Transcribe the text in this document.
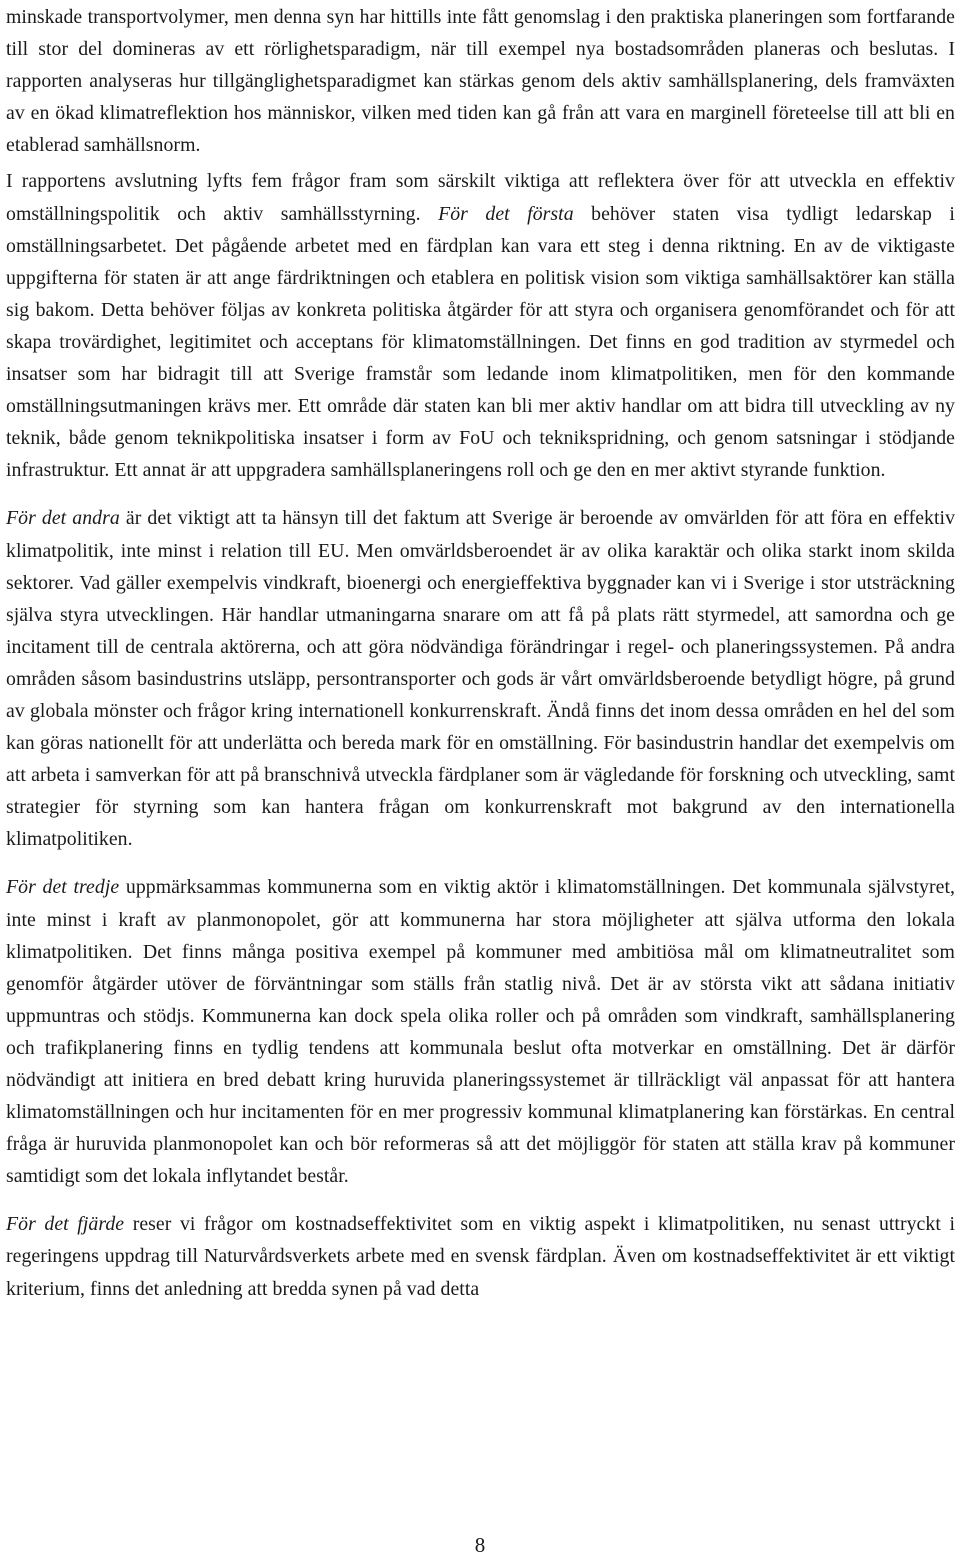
minskade transportvolymer, men denna syn har hittills inte fått genomslag i den praktiska planeringen som fortfarande till stor del domineras av ett rörlighetsparadigm, när till exempel nya bostadsområden planeras och beslutas. I rapporten analyseras hur tillgänglighetsparadigmet kan stärkas genom dels aktiv samhällsplanering, dels framväxten av en ökad klimatreflektion hos människor, vilken med tiden kan gå från att vara en marginell företeelse till att bli en etablerad samhällsnorm.

I rapportens avslutning lyfts fem frågor fram som särskilt viktiga att reflektera över för att utveckla en effektiv omställningspolitik och aktiv samhällsstyrning. För det första behöver staten visa tydligt ledarskap i omställningsarbetet. Det pågående arbetet med en färdplan kan vara ett steg i denna riktning. En av de viktigaste uppgifterna för staten är att ange färdriktningen och etablera en politisk vision som viktiga samhällsaktörer kan ställa sig bakom. Detta behöver följas av konkreta politiska åtgärder för att styra och organisera genomförandet och för att skapa trovärdighet, legitimitet och acceptans för klimatomställningen. Det finns en god tradition av styrmedel och insatser som har bidragit till att Sverige framstår som ledande inom klimatpolitiken, men för den kommande omställningsutmaningen krävs mer. Ett område där staten kan bli mer aktiv handlar om att bidra till utveckling av ny teknik, både genom teknikpolitiska insatser i form av FoU och teknikspridning, och genom satsningar i stödjande infrastruktur. Ett annat är att uppgradera samhällsplaneringens roll och ge den en mer aktivt styrande funktion.

För det andra är det viktigt att ta hänsyn till det faktum att Sverige är beroende av omvärlden för att föra en effektiv klimatpolitik, inte minst i relation till EU. Men omvärldsberoendet är av olika karaktär och olika starkt inom skilda sektorer. Vad gäller exempelvis vindkraft, bioenergi och energieffektiva byggnader kan vi i Sverige i stor utsträckning själva styra utvecklingen. Här handlar utmaningarna snarare om att få på plats rätt styrmedel, att samordna och ge incitament till de centrala aktörerna, och att göra nödvändiga förändringar i regel- och planeringssystemen. På andra områden såsom basindustrins utsläpp, persontransporter och gods är vårt omvärldsberoende betydligt högre, på grund av globala mönster och frågor kring internationell konkurrenskraft. Ändå finns det inom dessa områden en hel del som kan göras nationellt för att underlätta och bereda mark för en omställning. För basindustrin handlar det exempelvis om att arbeta i samverkan för att på branschnivå utveckla färdplaner som är vägledande för forskning och utveckling, samt strategier för styrning som kan hantera frågan om konkurrenskraft mot bakgrund av den internationella klimatpolitiken.

För det tredje uppmärksammas kommunerna som en viktig aktör i klimatomställningen. Det kommunala självstyret, inte minst i kraft av planmonopolet, gör att kommunerna har stora möjligheter att själva utforma den lokala klimatpolitiken. Det finns många positiva exempel på kommuner med ambitiösa mål om klimatneutralitet som genomför åtgärder utöver de förväntningar som ställs från statlig nivå. Det är av största vikt att sådana initiativ uppmuntras och stödjs. Kommunerna kan dock spela olika roller och på områden som vindkraft, samhällsplanering och trafikplanering finns en tydlig tendens att kommunala beslut ofta motverkar en omställning. Det är därför nödvändigt att initiera en bred debatt kring huruvida planeringssystemet är tillräckligt väl anpassat för att hantera klimatomställningen och hur incitamenten för en mer progressiv kommunal klimatplanering kan förstärkas. En central fråga är huruvida planmonopolet kan och bör reformeras så att det möjliggör för staten att ställa krav på kommuner samtidigt som det lokala inflytandet består.

För det fjärde reser vi frågor om kostnadseffektivitet som en viktig aspekt i klimatpolitiken, nu senast uttryckt i regeringens uppdrag till Naturvårdsverkets arbete med en svensk färdplan. Även om kostnadseffektivitet är ett viktigt kriterium, finns det anledning att bredda synen på vad detta

8
